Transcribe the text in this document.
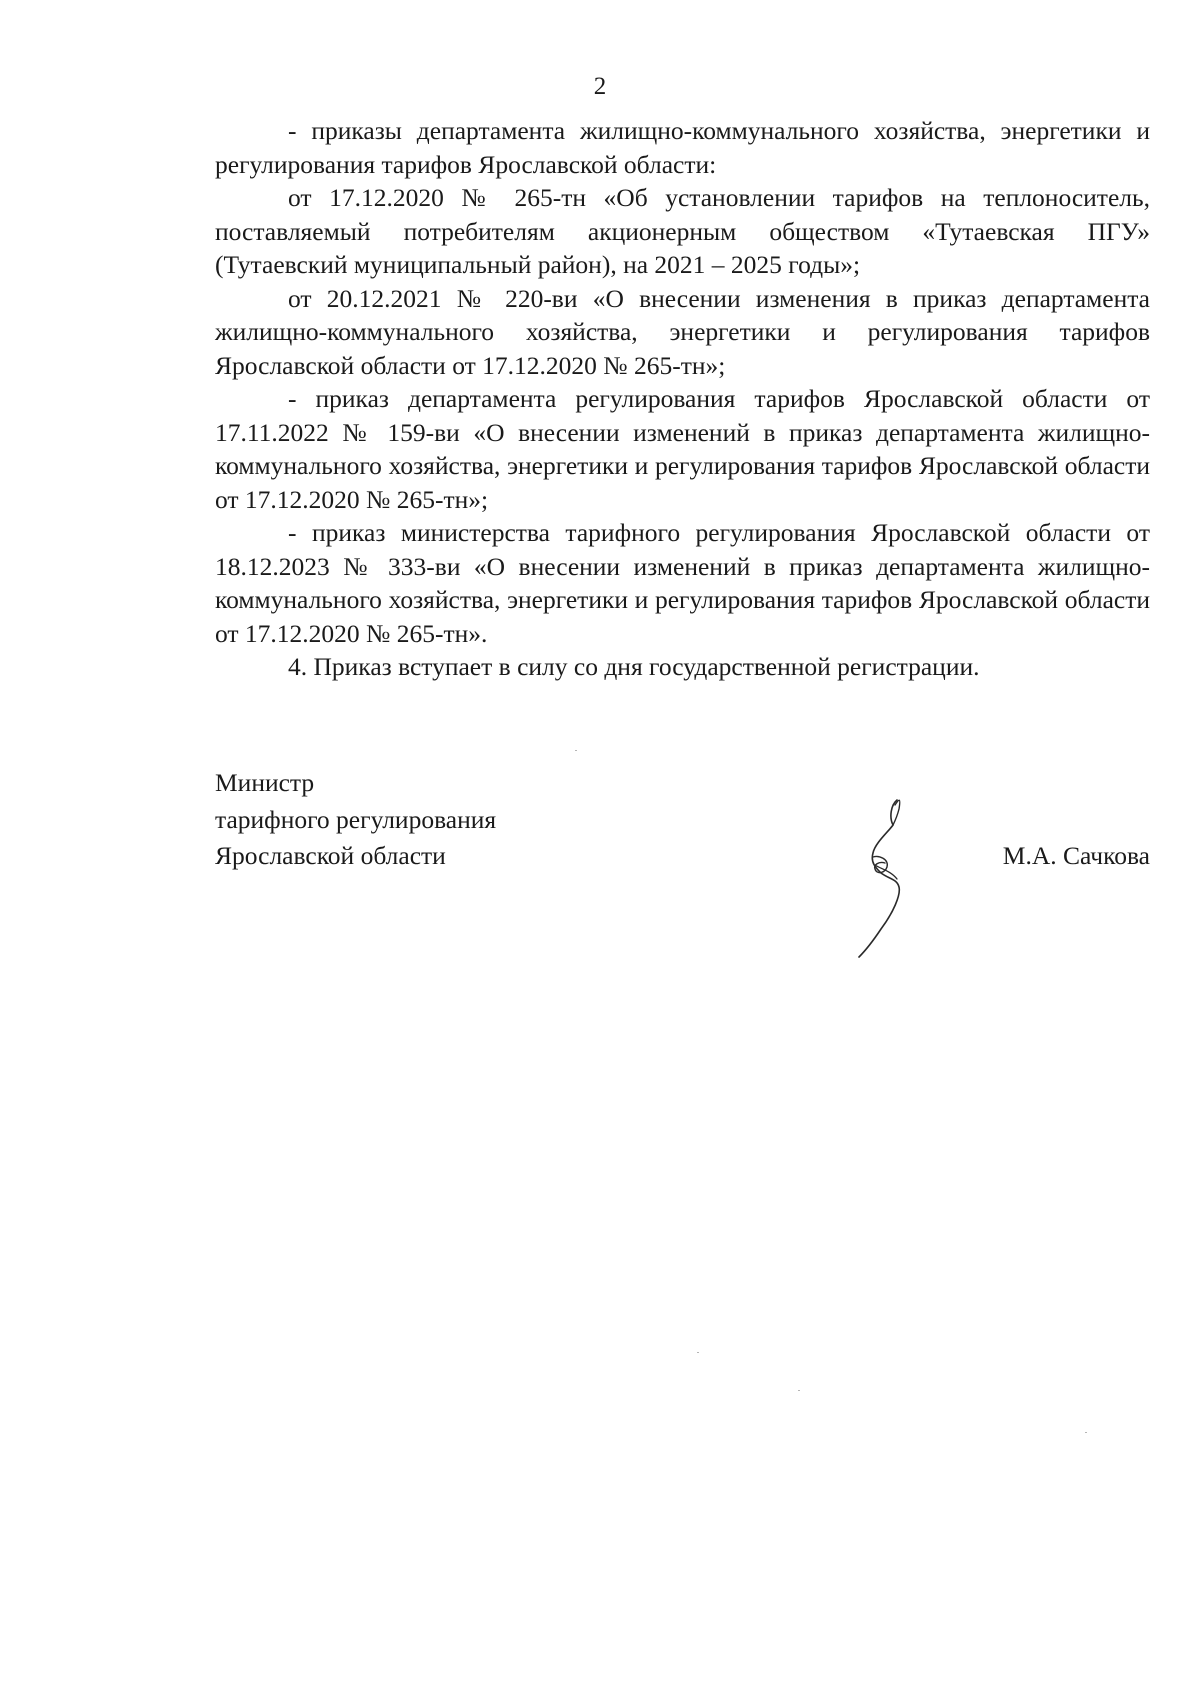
2

- приказы департамента жилищно-коммунального хозяйства, энергетики и регулирования тарифов Ярославской области:

от 17.12.2020 № 265-тн «Об установлении тарифов на теплоноситель, поставляемый потребителям акционерным обществом «Тутаевская ПГУ» (Тутаевский муниципальный район), на 2021 – 2025 годы»;

от 20.12.2021 № 220-ви «О внесении изменения в приказ департамента жилищно-коммунального хозяйства, энергетики и регулирования тарифов Ярославской области от 17.12.2020 № 265-тн»;

- приказ департамента регулирования тарифов Ярославской области от 17.11.2022 № 159-ви «О внесении изменений в приказ департамента жилищно-коммунального хозяйства, энергетики и регулирования тарифов Ярославской области от 17.12.2020 № 265-тн»;

- приказ министерства тарифного регулирования Ярославской области от 18.12.2023 № 333-ви «О внесении изменений в приказ департамента жилищно-коммунального хозяйства, энергетики и регулирования тарифов Ярославской области от 17.12.2020 № 265-тн».

4. Приказ вступает в силу со дня государственной регистрации.

Министр
тарифного регулирования
Ярославской области	М.А. Сачкова
